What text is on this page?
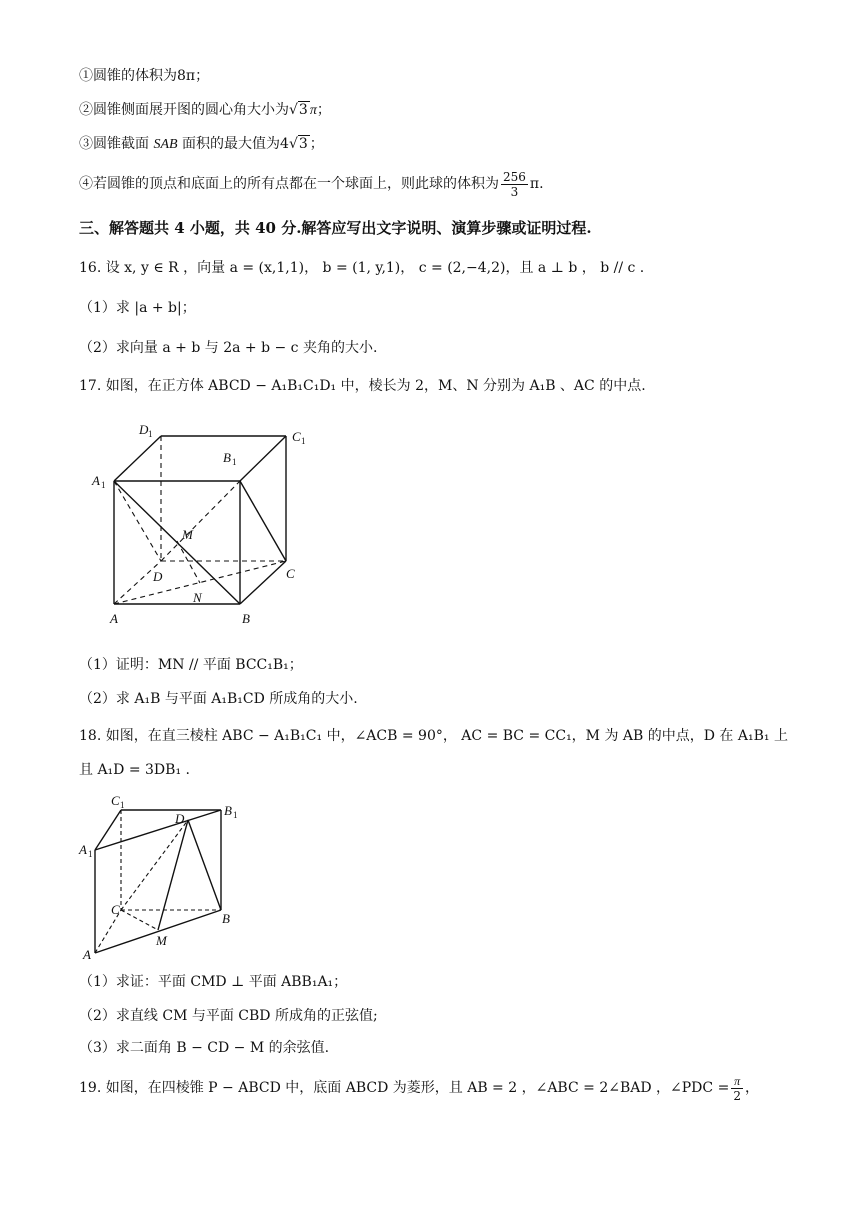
①圆锥的体积为8π；
②圆锥侧面展开图的圆心角大小为√3 π；
③圆锥截面 SAB 面积的最大值为4√3 ；
④若圆锥的顶点和底面上的所有点都在一个球面上，则此球的体积为 $\frac{256}{3} \pi$.
三、解答题共 4 小题，共 40 分.解答应写出文字说明、演算步骤或证明过程.
16. 设 x, y ∈ R ，向量 a = (x,1,1)， b = (1, y,1)， c = (2,−4,2)，且 a ⊥ b ， b // c .
（1）求 |a + b|；
（2）求向量 a + b 与 2a + b − c 夹角的大小.
17. 如图，在正方体 ABCD − A₁B₁C₁D₁ 中，棱长为 2，M、N 分别为 A₁B 、AC 的中点.
D 1	C 1
B 1
A 1
M
D	C
N
A	B
（1）证明：MN // 平面 BCC₁B₁；
（2）求 A₁B 与平面 A₁B₁CD 所成角的大小.
18. 如图，在直三棱柱 ABC − A₁B₁C₁ 中，∠ACB = 90°， AC = BC = CC₁，M 为 AB 的中点，D 在 A₁B₁ 上
且 A₁D = 3DB₁ .
C 1	B 1
D
A 1
C
B
M
A
（1）求证：平面 CMD ⊥ 平面 ABB₁A₁；
（2）求直线 CM 与平面 CBD 所成角的正弦值;
（3）求二面角 B − CD − M 的余弦值.
19. 如图，在四棱锥 P − ABCD 中，底面 ABCD 为菱形，且 AB = 2 ，∠ABC = 2∠BAD ，∠PDC = $\frac{\pi}{2}$ ，
